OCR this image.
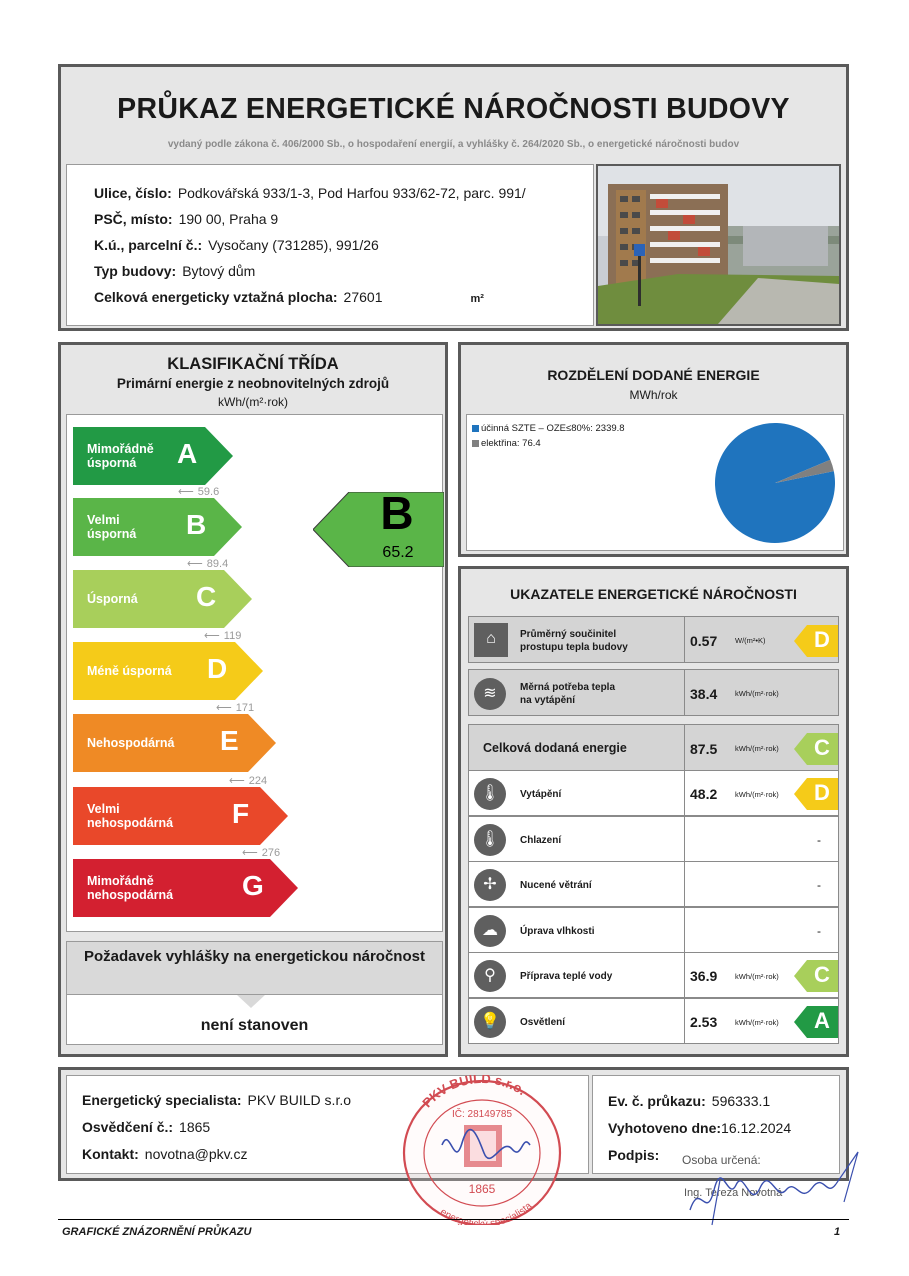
PRŮKAZ ENERGETICKÉ NÁROČNOSTI BUDOVY
vydaný podle zákona č. 406/2000 Sb., o hospodaření energií, a vyhlášky č. 264/2020 Sb., o energetické náročnosti budov
Ulice, číslo: Podkovářská 933/1-3, Pod Harfou 933/62-72, parc. 991/
PSČ, místo: 190 00, Praha 9
K.ú., parcelní č.: Vysočany (731285), 991/26
Typ budovy: Bytový dům
Celková energeticky vztažná plocha: 27601	m²
KLASIFIKAČNÍ TŘÍDA
Primární energie z neobnovitelných zdrojů
kWh/(m²·rok)
Mimořádně
úsporná	A
Velmi
úsporná B
Úsporná C
Méně úsporná D
Nehospodárná E
Velmi
nehospodárná F
Mimořádně
nehospodárná G
⟵ 59.6
⟵ 89.4
⟵ 119
⟵ 171
⟵ 224
⟵ 276
B
65.2
Požadavek vyhlášky na energetickou náročnost
není stanoven
ROZDĚLENÍ DODANÉ ENERGIE
MWh/rok
účinná SZTE – OZE≤80%: 2339.8
elektřina: 76.4
UKAZATELE ENERGETICKÉ NÁROČNOSTI
⌂	Průměrný součinitel
prostupu tepla budovy	0.57 W/(m²•K) D
≋	Měrná potřeba tepla
na vytápění	38.4 kWh/(m²·rok)
Celková dodaná energie	87.5 kWh/(m²·rok) C
🌡	Vytápění	48.2 kWh/(m²·rok) D
🌡	Chlazení	-
✢	Nucené větrání	-
☁	Úprava vlhkosti	-
⚲	Příprava teplé vody	36.9 kWh/(m²·rok) C
💡	Osvětlení	2.53 kWh/(m²·rok) A
Energetický specialista: PKV BUILD s.r.o
Osvědčení č.: 1865
Kontakt: novotna@pkv.cz
Ev. č. průkazu: 596333.1
Vyhotoveno dne:16.12.2024
Podpis:
PKV BUILD s.r.o.
IČ: 28149785
1865
energetický specialista
Osoba určená:
Ing. Tereza Novotná
GRAFICKÉ ZNÁZORNĚNÍ PRŮKAZU	1
